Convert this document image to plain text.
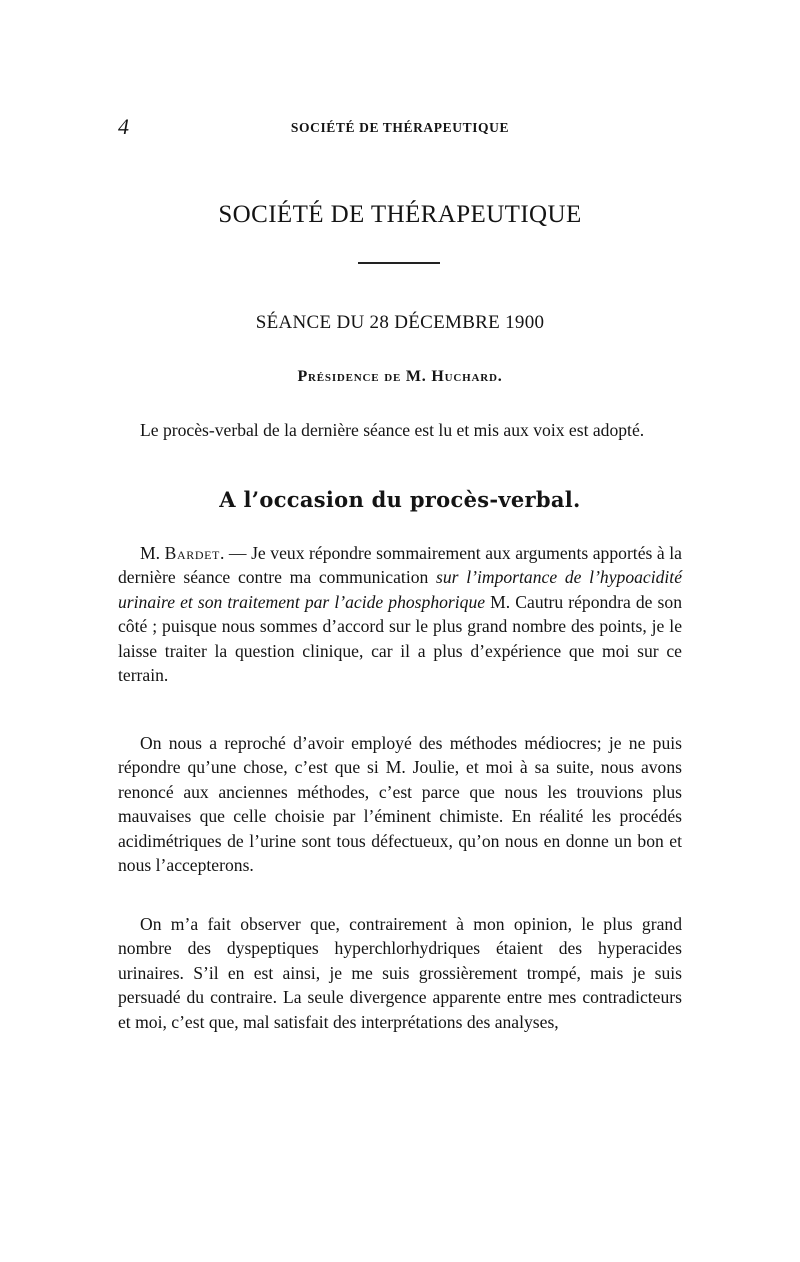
4	SOCIÉTÉ DE THÉRAPEUTIQUE
SOCIÉTÉ DE THÉRAPEUTIQUE
SÉANCE DU 28 DÉCEMBRE 1900
Présidence de M. Huchard.

Le procès-verbal de la dernière séance est lu et mis aux voix est adopté.

A l’occasion du procès-verbal.

M. Bardet. — Je veux répondre sommairement aux arguments apportés à la dernière séance contre ma communication sur l’importance de l’hypoacidité urinaire et son traitement par l’acide phosphorique M. Cautru répondra de son côté ; puisque nous sommes d’accord sur le plus grand nombre des points, je le laisse traiter la question clinique, car il a plus d’expérience que moi sur ce terrain.

On nous a reproché d’avoir employé des méthodes médiocres; je ne puis répondre qu’une chose, c’est que si M. Joulie, et moi à sa suite, nous avons renoncé aux anciennes méthodes, c’est parce que nous les trouvions plus mauvaises que celle choisie par l’éminent chimiste. En réalité les procédés acidimétriques de l’urine sont tous défectueux, qu’on nous en donne un bon et nous l’accepterons.

On m’a fait observer que, contrairement à mon opinion, le plus grand nombre des dyspeptiques hyperchlorhydriques étaient des hyperacides urinaires. S’il en est ainsi, je me suis grossièrement trompé, mais je suis persuadé du contraire. La seule divergence apparente entre mes contradicteurs et moi, c’est que, mal satisfait des interprétations des analyses,
